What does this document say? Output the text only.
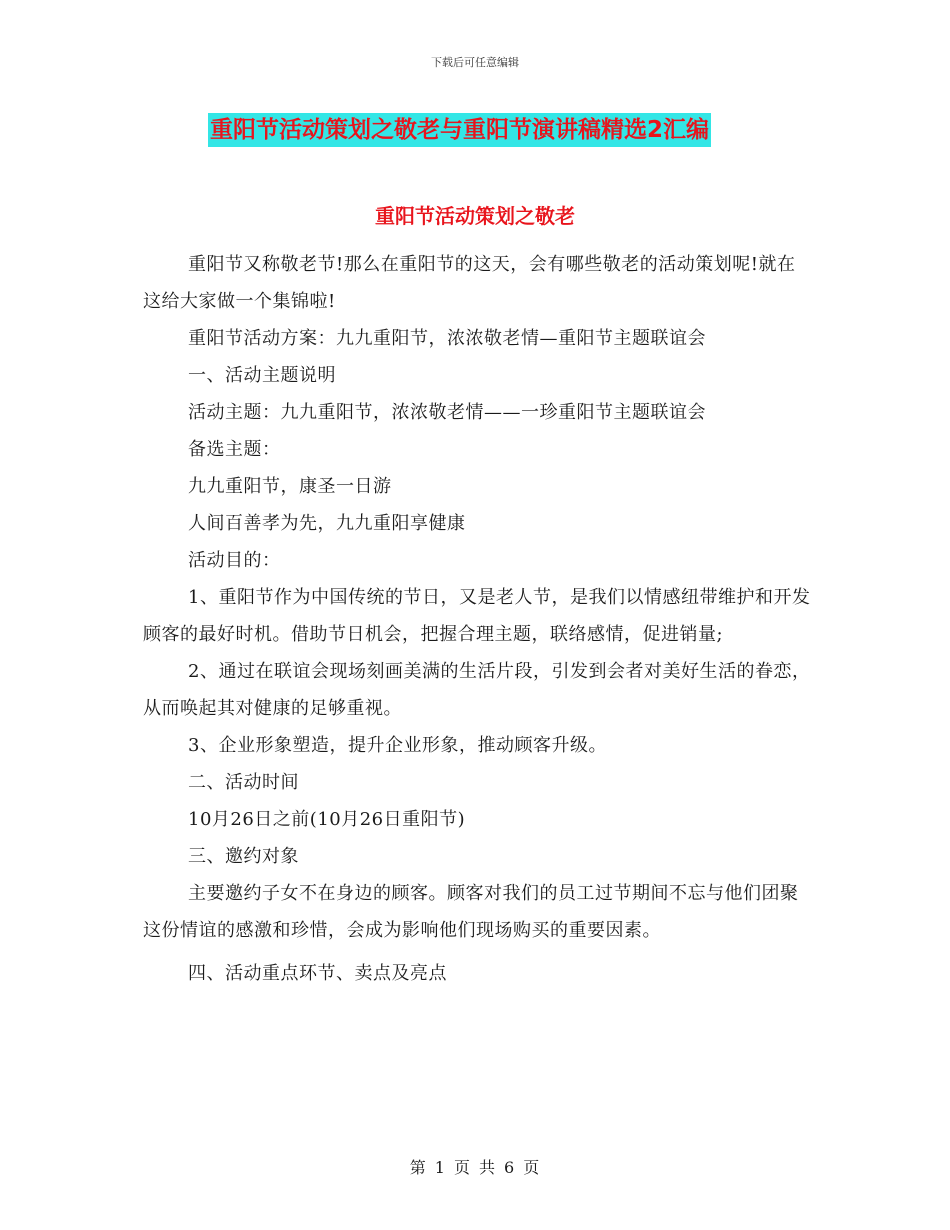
下载后可任意编辑
重阳节活动策划之敬老与重阳节演讲稿精选2汇编
重阳节活动策划之敬老

重阳节又称敬老节!那么在重阳节的这天，会有哪些敬老的活动策划呢!就在这给大家做一个集锦啦!

重阳节活动方案：九九重阳节，浓浓敬老情—重阳节主题联谊会

一、活动主题说明

活动主题：九九重阳节，浓浓敬老情——一珍重阳节主题联谊会

备选主题：

九九重阳节，康圣一日游

人间百善孝为先，九九重阳享健康

活动目的：

1、重阳节作为中国传统的节日，又是老人节，是我们以情感纽带维护和开发顾客的最好时机。借助节日机会，把握合理主题，联络感情，促进销量;

2、通过在联谊会现场刻画美满的生活片段，引发到会者对美好生活的眷恋，从而唤起其对健康的足够重视。

3、企业形象塑造，提升企业形象，推动顾客升级。

二、活动时间

10月26日之前(10月26日重阳节)

三、邀约对象

主要邀约子女不在身边的顾客。顾客对我们的员工过节期间不忘与他们团聚这份情谊的感激和珍惜，会成为影响他们现场购买的重要因素。

四、活动重点环节、卖点及亮点

第 1 页 共 6 页
